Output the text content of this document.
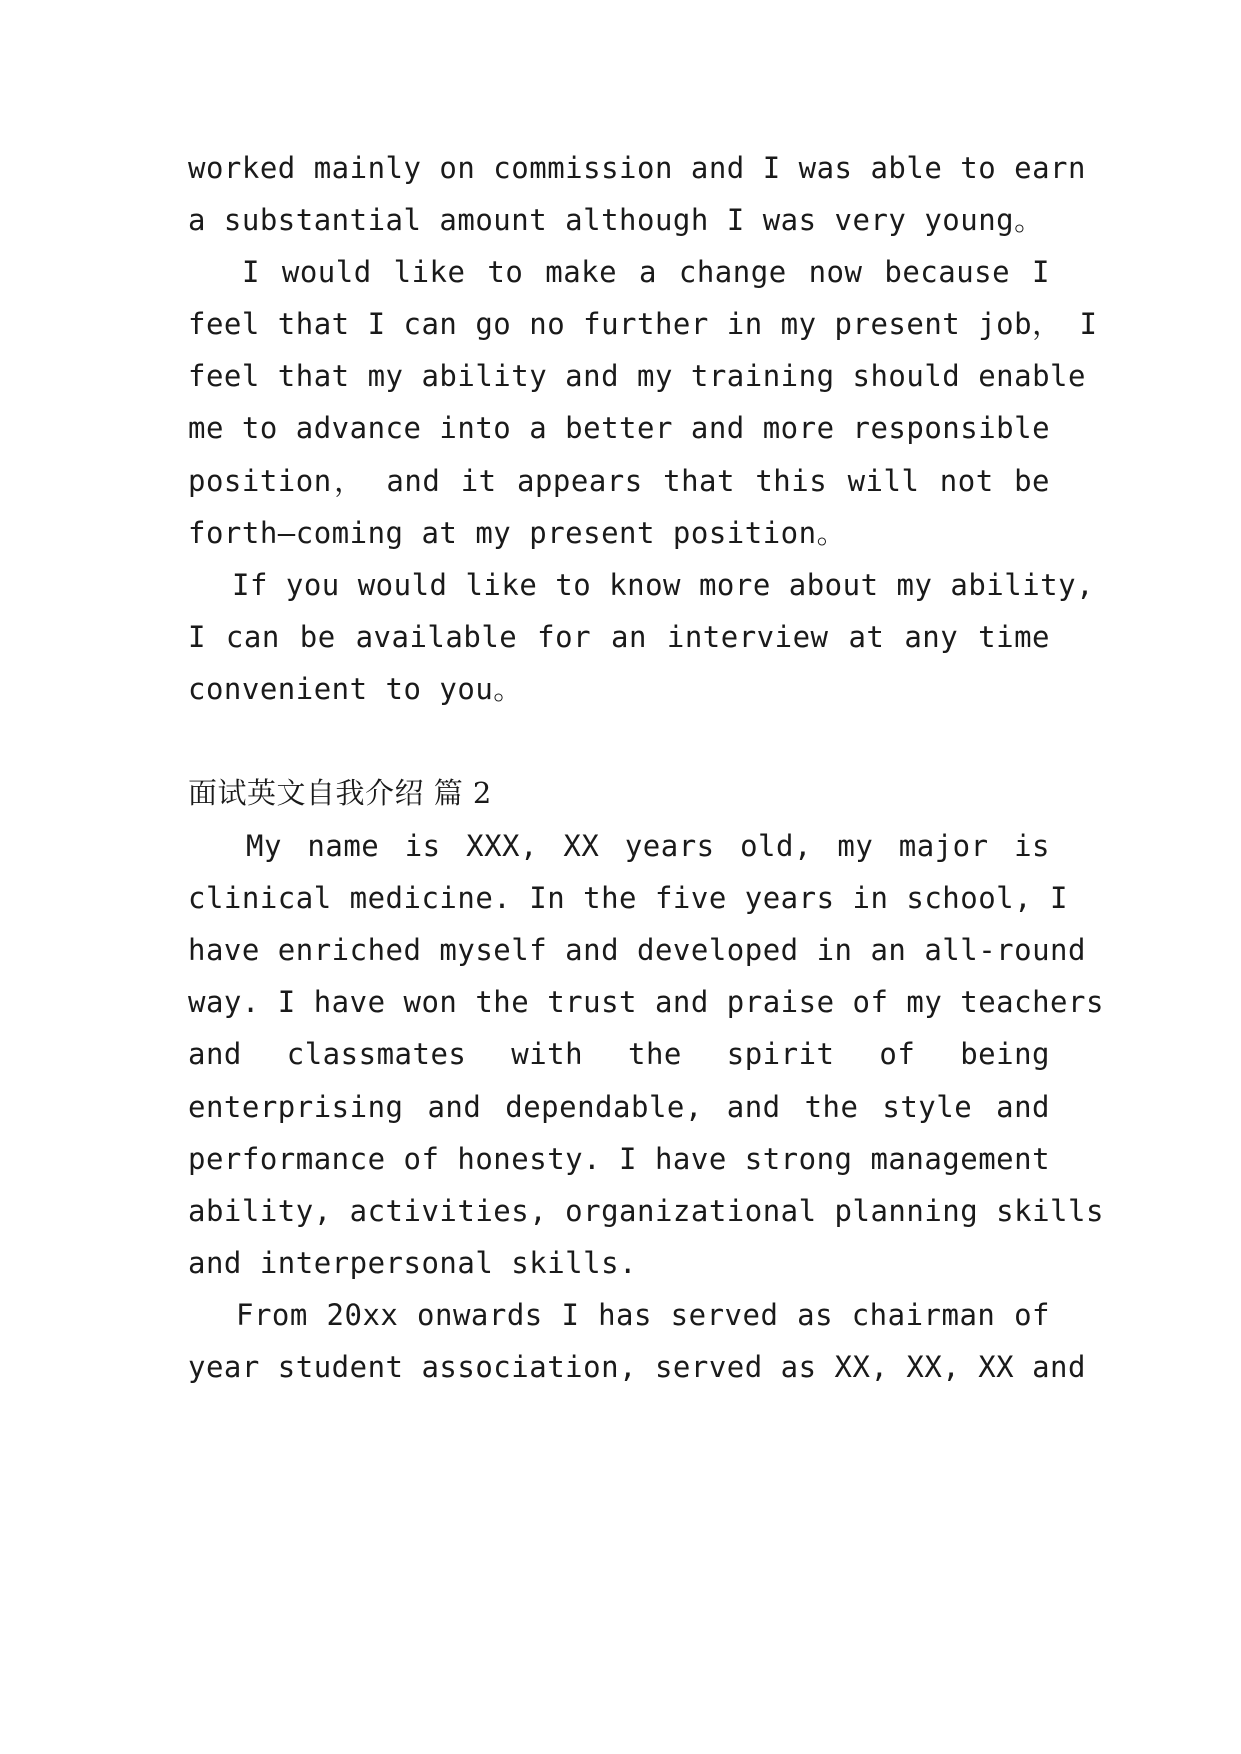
worked mainly on commission and I was able to earn
a substantial amount although I was very young。
I would like to make a change now because I
feel that I can go no further in my present job， I
feel that my ability and my training should enable
me to advance into a better and more responsible
position， and it appears that this will not be
forth—coming at my present position。
If you would like to know more about my ability,
I can be available for an interview at any time
convenient to you。
面试英文自我介绍 篇 2
My name is XXX, XX years old, my major is
clinical medicine. In the five years in school, I
have enriched myself and developed in an all-round
way. I have won the trust and praise of my teachers
and classmates with the spirit of being
enterprising and dependable, and the style and
performance of honesty. I have strong management
ability, activities, organizational planning skills
and interpersonal skills.
From 20xx onwards I has served as chairman of
year student association, served as XX, XX, XX and
